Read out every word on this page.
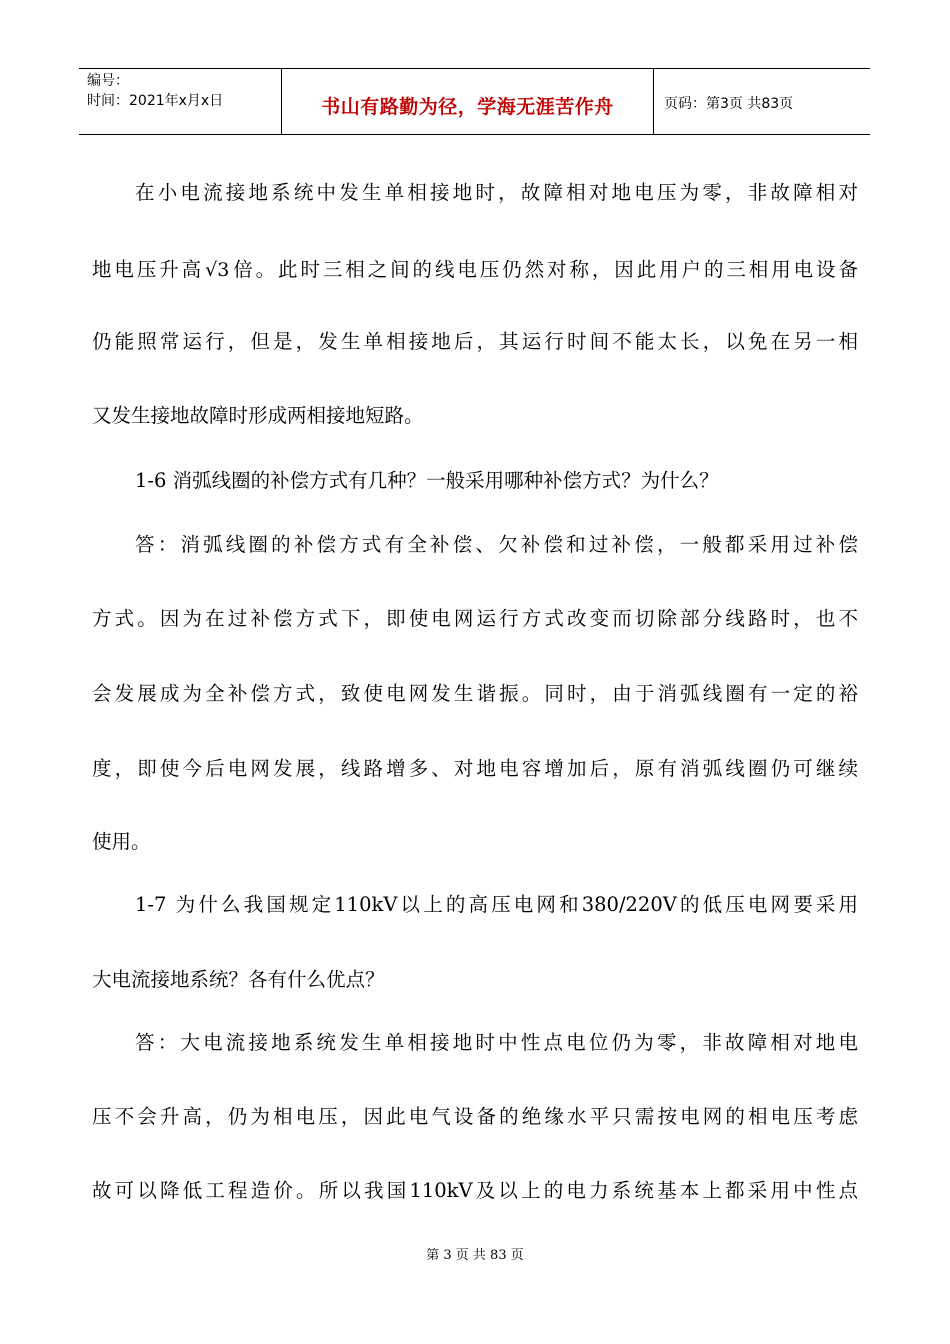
编号：
时间：2021年x月x日	书山有路勤为径，学海无涯苦作舟	页码：第3页 共83页
在小电流接地系统中发生单相接地时，故障相对地电压为零，非故障相对
地电压升高√3倍。此时三相之间的线电压仍然对称，因此用户的三相用电设备
仍能照常运行，但是，发生单相接地后，其运行时间不能太长，以免在另一相
又发生接地故障时形成两相接地短路。
1-6 消弧线圈的补偿方式有几种？一般采用哪种补偿方式？为什么？
答：消弧线圈的补偿方式有全补偿、欠补偿和过补偿，一般都采用过补偿
方式。因为在过补偿方式下，即使电网运行方式改变而切除部分线路时，也不
会发展成为全补偿方式，致使电网发生谐振。同时，由于消弧线圈有一定的裕
度，即使今后电网发展，线路增多、对地电容增加后，原有消弧线圈仍可继续
使用。
1-7 为什么我国规定110kV以上的高压电网和380/220V的低压电网要采用
大电流接地系统？各有什么优点？
答：大电流接地系统发生单相接地时中性点电位仍为零，非故障相对地电
压不会升高，仍为相电压，因此电气设备的绝缘水平只需按电网的相电压考虑
故可以降低工程造价。所以我国110kV及以上的电力系统基本上都采用中性点
第 3 页 共 83 页
